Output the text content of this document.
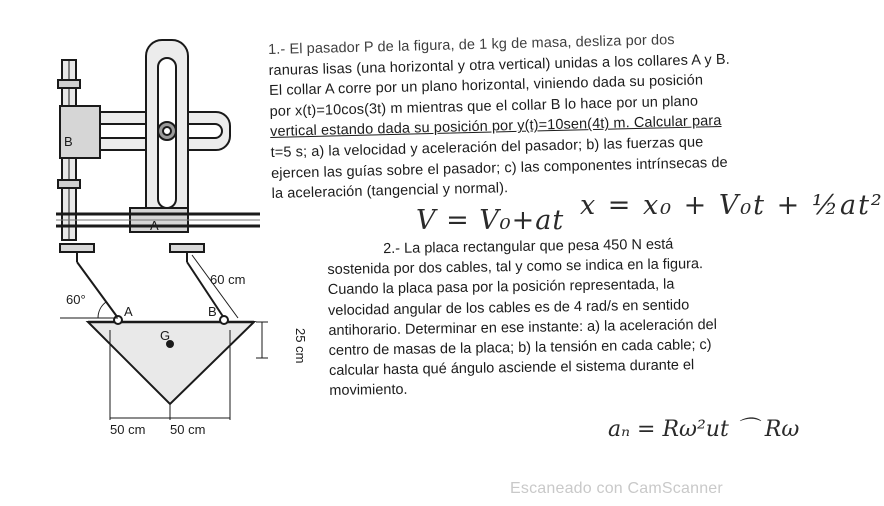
B
A
60°
60 cm
25 cm
A	B
G
50 cm 50 cm
1.- El pasador P de la figura, de 1 kg de masa, desliza por dos
ranuras lisas (una horizontal y otra vertical) unidas a los collares A y B.
El collar A corre por un plano horizontal, viniendo dada su posición
por x(t)=10cos(3t) m mientras que el collar B lo hace por un plano
vertical estando dada su posición por y(t)=10sen(4t) m. Calcular para
t=5 s; a) la velocidad y aceleración del pasador; b) las fuerzas que
ejercen las guías sobre el pasador; c) las componentes intrínsecas de
la aceleración (tangencial y normal).
2.- La placa rectangular que pesa 450 N está
sostenida por dos cables, tal y como se indica en la figura.
Cuando la placa pasa por la posición representada, la
velocidad angular de los cables es de 4 rad/s en sentido
antihorario. Determinar en ese instante: a) la aceleración del
centro de masas de la placa; b) la tensión en cada cable; c)
calcular hasta qué ángulo asciende el sistema durante el
movimiento.
V = V₀+at x = x₀ + V₀t + ½at²
aₙ = Rω²ut ⌒ Rω
Escaneado con CamScanner
